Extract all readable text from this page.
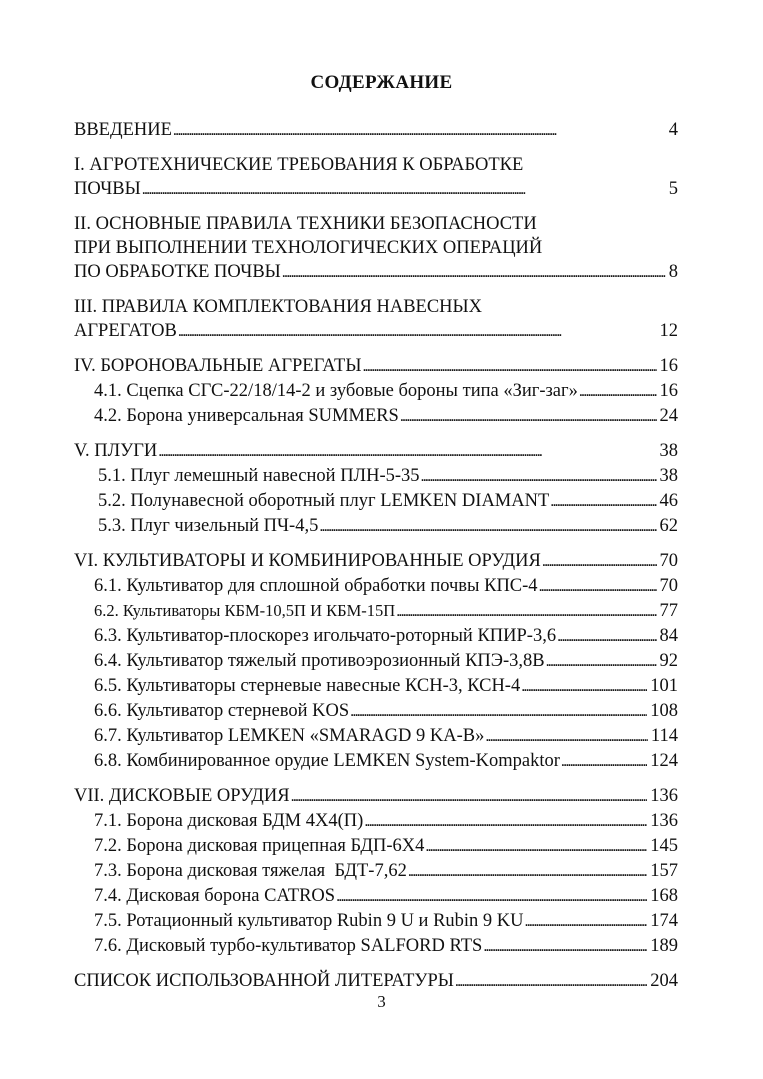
СОДЕРЖАНИЕ
ВВЕДЕНИЕ . . .	4
I. АГРОТЕХНИЧЕСКИЕ ТРЕБОВАНИЯ К ОБРАБОТКЕ
ПОЧВЫ . . .	5
II. ОСНОВНЫЕ ПРАВИЛА ТЕХНИКИ БЕЗОПАСНОСТИ
ПРИ ВЫПОЛНЕНИИ ТЕХНОЛОГИЧЕСКИХ ОПЕРАЦИЙ
ПО ОБРАБОТКЕ ПОЧВЫ . . .	8
III. ПРАВИЛА КОМПЛЕКТОВАНИЯ НАВЕСНЫХ
АГРЕГАТОВ . . .	12
IV. БОРОНОВАЛЬНЫЕ АГРЕГАТЫ . . .	16
4.1. Сцепка СГС-22/18/14-2 и зубовые бороны типа «Зиг-заг» . . .	16
4.2. Борона универсальная SUMMERS . . .	24
V. ПЛУГИ . . .	38
5.1. Плуг лемешный навесной ПЛН-5-35 . . .	38
5.2. Полунавесной оборотный плуг LEMKEN DIAMANT . . .	46
5.3. Плуг чизельный ПЧ-4,5 . . .	62
VI. КУЛЬТИВАТОРЫ И КОМБИНИРОВАННЫЕ ОРУДИЯ . . .	70
6.1. Культиватор для сплошной обработки почвы КПС-4 . . .	70
6.2. Культиваторы КБМ-10,5П И КБМ-15П . . .	77
6.3. Культиватор-плоскорез игольчато-роторный КПИР-3,6 . . .	84
6.4. Культиватор тяжелый противоэрозионный КПЭ-3,8В . . .	92
6.5. Культиваторы стерневые навесные КСН-3, КСН-4 . . .	101
6.6. Культиватор стерневой KOS . . .	108
6.7. Культиватор LEMKEN «SMARAGD 9 KA-B» . . .	114
6.8. Комбинированное орудие LEMKEN System-Kompaktor . . .	124
VII. ДИСКОВЫЕ ОРУДИЯ . . .	136
7.1. Борона дисковая БДМ 4Х4(П) . . .	136
7.2. Борона дисковая прицепная БДП-6Х4 . . .	145
7.3. Борона дисковая тяжелая  БДТ-7,62 . . .	157
7.4. Дисковая борона CATROS . . .	168
7.5. Ротационный культиватор Rubin 9 U и Rubin 9 KU . . .	174
7.6. Дисковый турбо-культиватор SALFORD RTS . . .	189
СПИСОК ИСПОЛЬЗОВАННОЙ ЛИТЕРАТУРЫ . . .	204
3
